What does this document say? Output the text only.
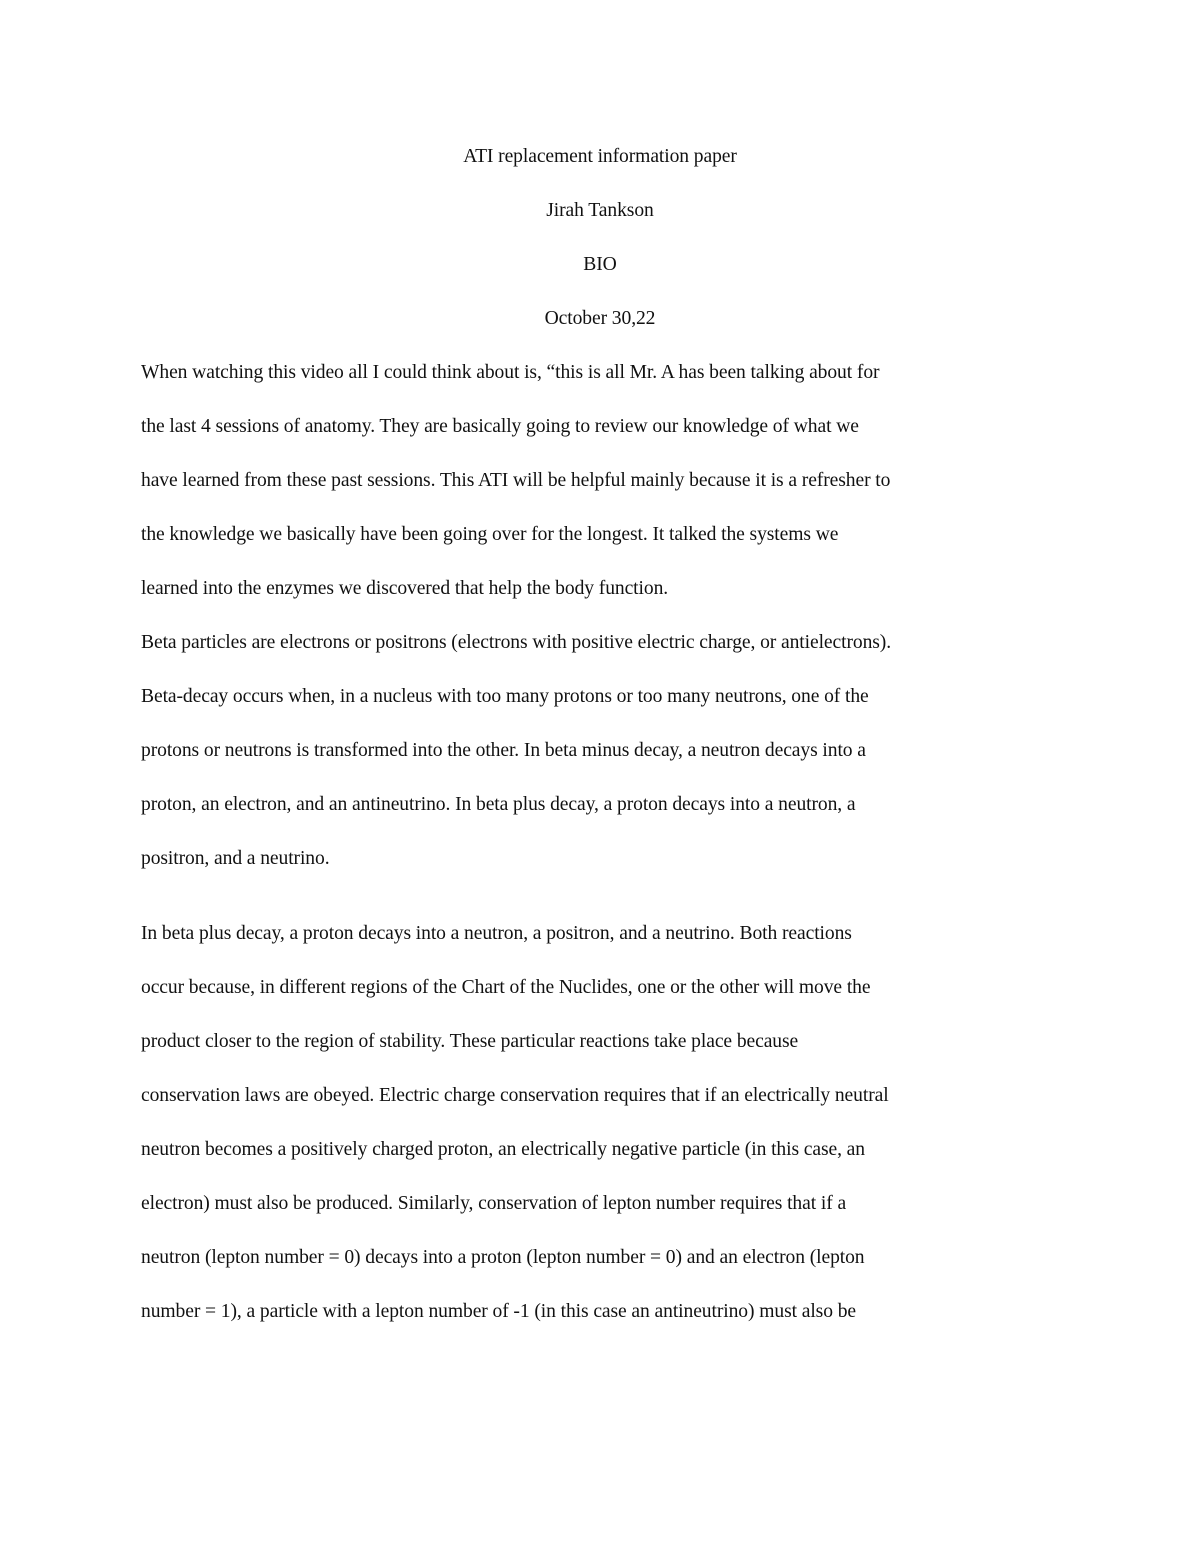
ATI replacement information paper

Jirah Tankson

BIO

October 30,22

When watching this video all I could think about is, “this is all Mr. A has been talking about for

the last 4 sessions of anatomy. They are basically going to review our knowledge of what we

have learned from these past sessions. This ATI will be helpful mainly because it is a refresher to

the knowledge we basically have been going over for the longest. It talked the systems we

learned into the enzymes we discovered that help the body function.

Beta particles are electrons or positrons (electrons with positive electric charge, or antielectrons).

Beta-decay occurs when, in a nucleus with too many protons or too many neutrons, one of the

protons or neutrons is transformed into the other. In beta minus decay, a neutron decays into a

proton, an electron, and an antineutrino. In beta plus decay, a proton decays into a neutron, a

positron, and a neutrino.

In beta plus decay, a proton decays into a neutron, a positron, and a neutrino. Both reactions

occur because, in different regions of the Chart of the Nuclides, one or the other will move the

product closer to the region of stability. These particular reactions take place because

conservation laws are obeyed. Electric charge conservation requires that if an electrically neutral

neutron becomes a positively charged proton, an electrically negative particle (in this case, an

electron) must also be produced. Similarly, conservation of lepton number requires that if a

neutron (lepton number = 0) decays into a proton (lepton number = 0) and an electron (lepton

number = 1), a particle with a lepton number of -1 (in this case an antineutrino) must also be
